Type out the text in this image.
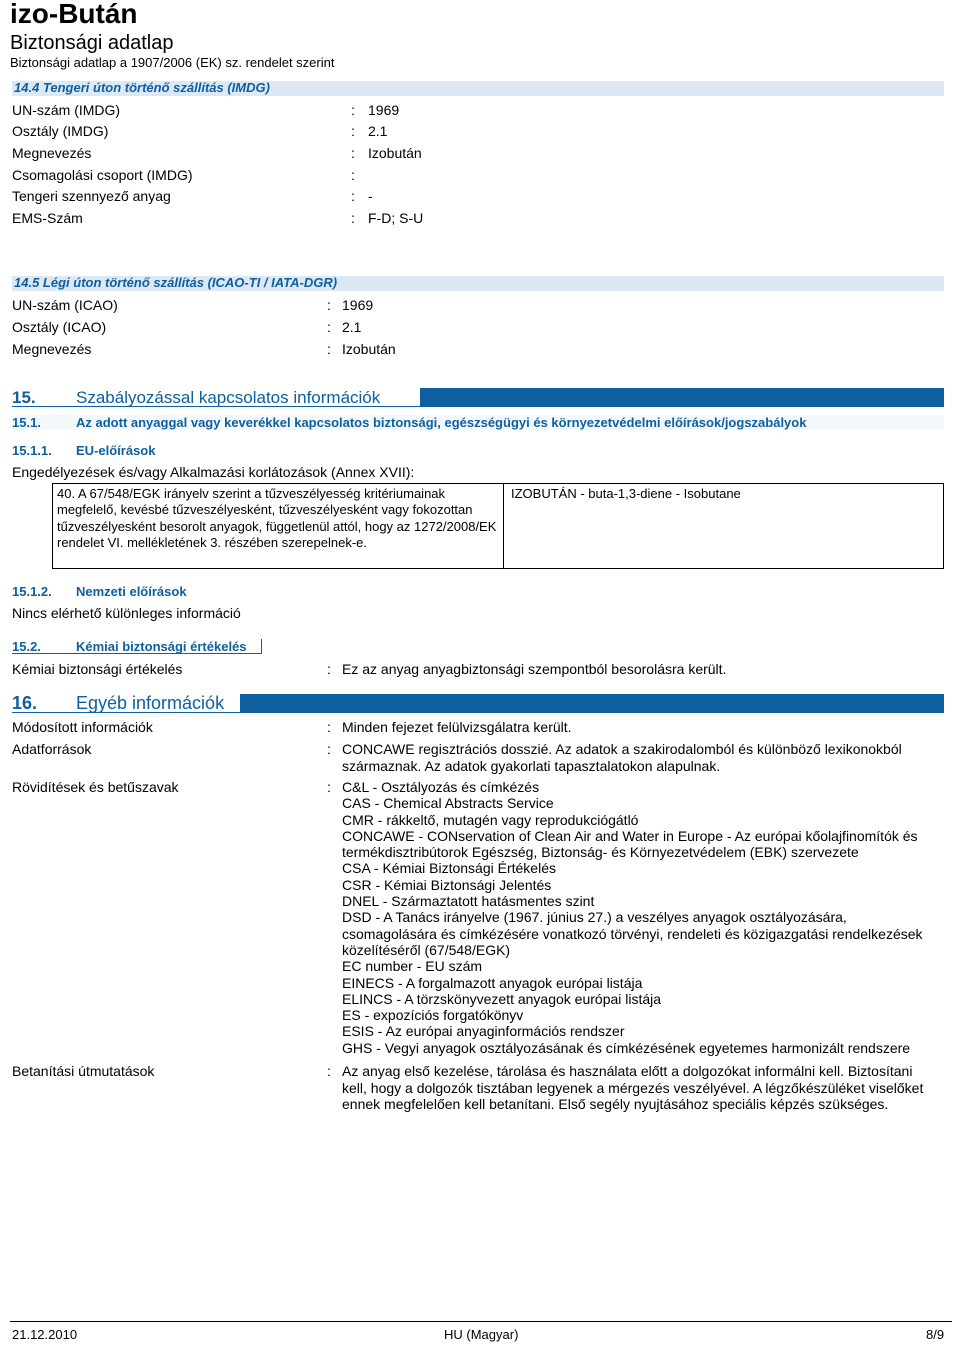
izo-Bután
Biztonsági adatlap
Biztonsági adatlap a 1907/2006 (EK) sz. rendelet szerint
14.4 Tengeri úton történő szállítás (IMDG)
UN-szám (IMDG)	: 1969
Osztály (IMDG)	: 2.1
Megnevezés	: Izobután
Csomagolási csoport (IMDG)	:
Tengeri szennyező anyag	: -
EMS-Szám	: F-D; S-U
14.5 Légi úton történő szállítás (ICAO-TI / IATA-DGR)
UN-szám (ICAO)	: 1969
Osztály (ICAO)	: 2.1
Megnevezés	: Izobután
15. Szabályozással kapcsolatos információk
15.1.	Az adott anyaggal vagy keverékkel kapcsolatos biztonsági, egészségügyi és környezetvédelmi előírások/jogszabályok
15.1.1. EU-előírások
Engedélyezések és/vagy Alkalmazási korlátozások (Annex XVII):
40. A 67/548/EGK irányelv szerint a tűzveszélyesség kritériumainak megfelelő, kevésbé tűzveszélyesként, tűzveszélyesként vagy fokozottan tűzveszélyesként besorolt anyagok, függetlenül attól, hogy az 1272/2008/EK rendelet VI. mellékletének 3. részében szerepelnek-e.
IZOBUTÁN - buta-1,3-diene - Isobutane
15.1.2. Nemzeti előírások
Nincs elérhető különleges információ
15.2.	Kémiai biztonsági értékelés
Kémiai biztonsági értékelés	: Ez az anyag anyagbiztonsági szempontból besorolásra került.
16. Egyéb információk
Módosított információk	: Minden fejezet felülvizsgálatra került.
Adatforrások	: CONCAWE regisztrációs dosszié. Az adatok a szakirodalomból és különböző lexikonokból származnak. Az adatok gyakorlati tapasztalatokon alapulnak.
Rövidítések és betűszavak	: C&L - Osztályozás és címkézés
CAS - Chemical Abstracts Service
CMR - rákkeltő, mutagén vagy reprodukciógátló
CONCAWE - CONservation of Clean Air and Water in Europe - Az európai kőolajfinomítók és termékdisztribútorok Egészség, Biztonság- és Környezetvédelem (EBK) szervezete
CSA - Kémiai Biztonsági Értékelés
CSR - Kémiai Biztonsági Jelentés
DNEL - Származtatott hatásmentes szint
DSD - A Tanács irányelve (1967. június 27.) a veszélyes anyagok osztályozására, csomagolására és címkézésére vonatkozó törvényi, rendeleti és közigazgatási rendelkezések közelítéséről (67/548/EGK)
EC number - EU szám
EINECS - A forgalmazott anyagok európai listája
ELINCS - A törzskönyvezett anyagok európai listája
ES - expozíciós forgatókönyv
ESIS - Az európai anyaginformációs rendszer
GHS - Vegyi anyagok osztályozásának és címkézésének egyetemes harmonizált rendszere
Betanítási útmutatások	: Az anyag első kezelése, tárolása és használata előtt a dolgozókat informálni kell. Biztosítani kell, hogy a dolgozók tisztában legyenek a mérgezés veszélyével. A légzőkészüléket viselőket ennek megfelelően kell betanítani. Első segély nyujtásához speciális képzés szükséges.
21.12.2010	HU (Magyar)	8/9
